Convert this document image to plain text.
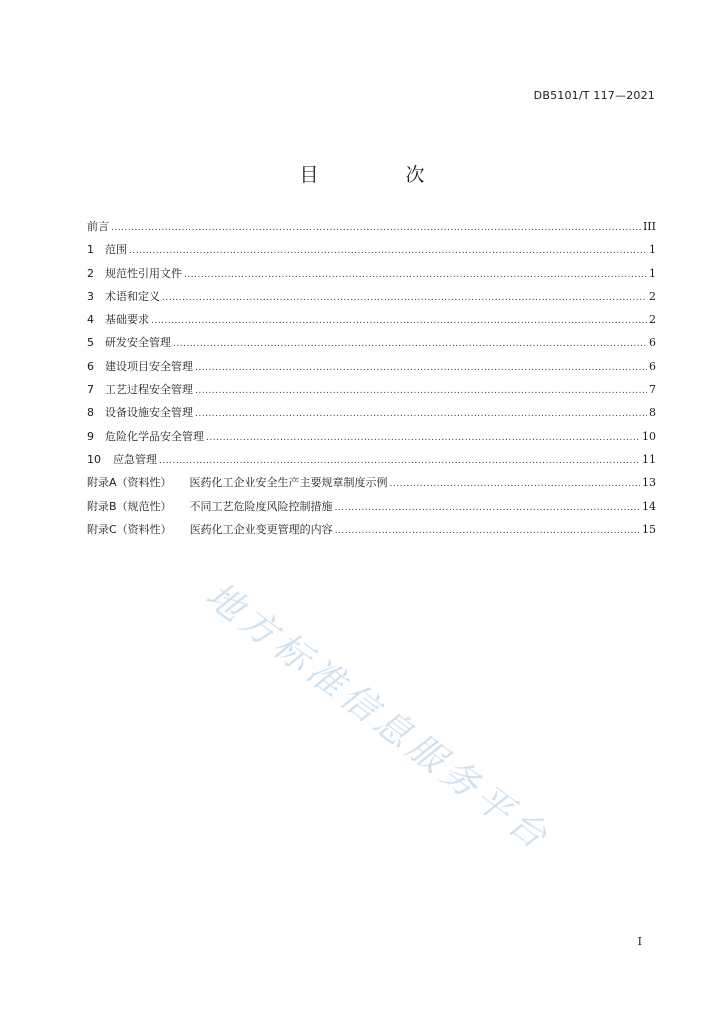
DB5101/T 117—2021
目　次
前言 .....	III
1	范围 .....	1
2	规范性引用文件 .....	1
3	术语和定义 .....	2
4	基础要求 .....	2
5	研发安全管理 .....	6
6	建设项目安全管理 .....	6
7	工艺过程安全管理 .....	7
8	设备设施安全管理 .....	8
9	危险化学品安全管理 .....	10
10	应急管理 .....	11
附录A（资料性） 医药化工企业安全生产主要规章制度示例 .....	13
附录B（规范性） 不同工艺危险度风险控制措施 .....	14
附录C（资料性） 医药化工企业变更管理的内容 .....	15
地方标准信息服务平台
I
